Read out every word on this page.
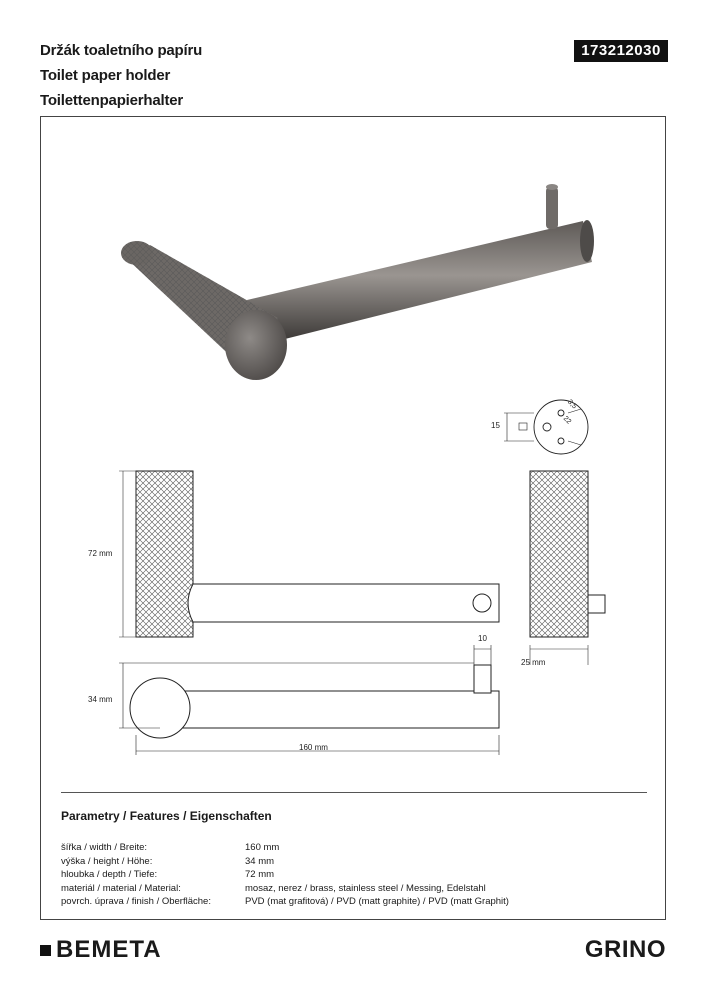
Držák toaletního papíru
Toilet paper holder
Toilettenpapierhalter
173212030
72 mm
34 mm
160 mm
25 mm
10
15
3,5
22
Parametry / Features / Eigenschaften
šířka / width / Breite:	160 mm
výška / height / Höhe:	34 mm
hloubka / depth / Tiefe:	72 mm
materiál / material / Material:	mosaz, nerez / brass, stainless steel / Messing, Edelstahl
povrch. úprava / finish / Oberfläche:	PVD (mat grafitová) / PVD (matt graphite) / PVD (matt Graphit)
BEMETA	GRINO
